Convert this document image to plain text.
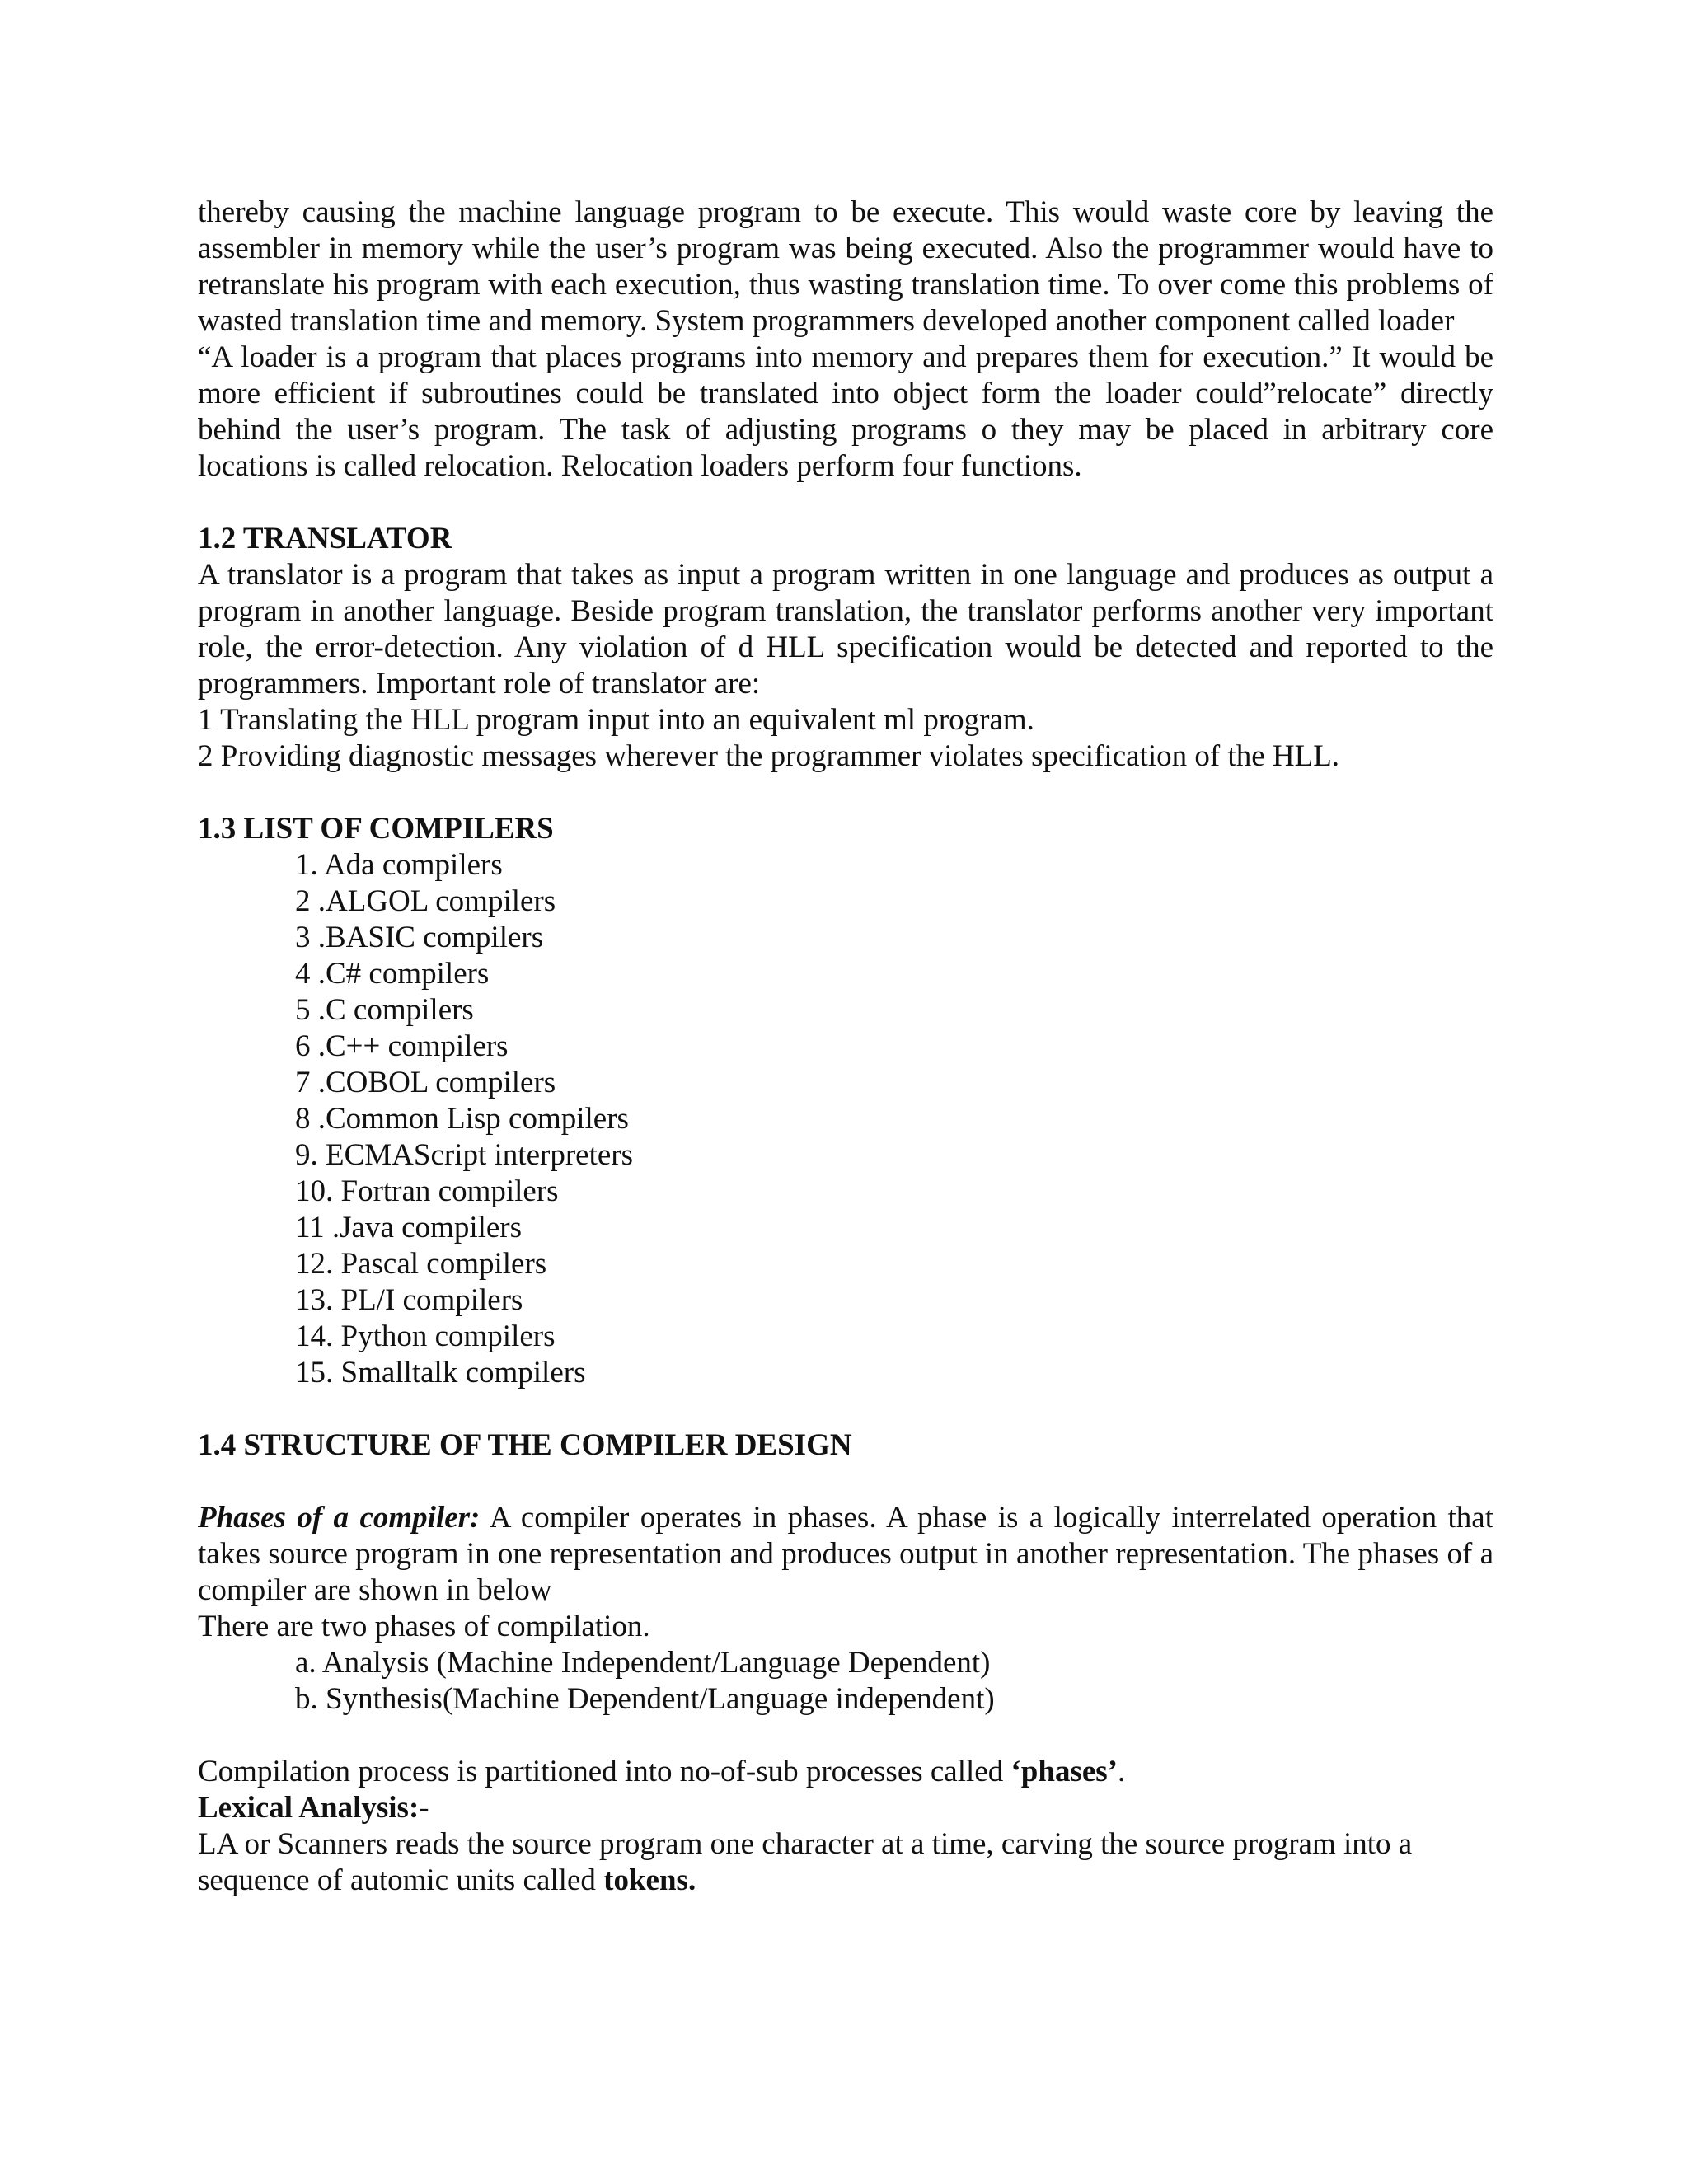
thereby causing the machine language program to be execute. This would waste core by leaving the assembler in memory while the user’s program was being executed. Also the programmer would have to retranslate his program with each execution, thus wasting translation time. To over come this problems of wasted translation time and memory. System programmers developed another component called loader

“A loader is a program that places programs into memory and prepares them for execution.” It would be more efficient if subroutines could be translated into object form the loader could”relocate” directly behind the user’s program. The task of adjusting programs o they may be placed in arbitrary core locations is called relocation. Relocation loaders perform four functions.

1.2 TRANSLATOR

A translator is a program that takes as input a program written in one language and produces as output a program in another language. Beside program translation, the translator performs another very important role, the error-detection. Any violation of d HLL specification would be detected and reported to the programmers. Important role of translator are:

1 Translating the HLL program input into an equivalent ml program.

2 Providing diagnostic messages wherever the programmer violates specification of the HLL.

1.3 LIST OF COMPILERS

1. Ada compilers
2 .ALGOL compilers
3 .BASIC compilers
4 .C# compilers
5 .C compilers
6 .C++ compilers
7 .COBOL compilers
8 .Common Lisp compilers
9. ECMAScript interpreters
10. Fortran compilers
11 .Java compilers
12. Pascal compilers
13. PL/I compilers
14. Python compilers
15. Smalltalk compilers

1.4 STRUCTURE OF THE COMPILER DESIGN

Phases of a compiler: A compiler operates in phases. A phase is a logically interrelated operation that takes source program in one representation and produces output in another representation. The phases of a compiler are shown in below

There are two phases of compilation.

a. Analysis (Machine Independent/Language Dependent)
b. Synthesis(Machine Dependent/Language independent)

Compilation process is partitioned into no-of-sub processes called ‘phases’.

Lexical Analysis:-

LA or Scanners reads the source program one character at a time, carving the source program into a sequence of automic units called tokens.
